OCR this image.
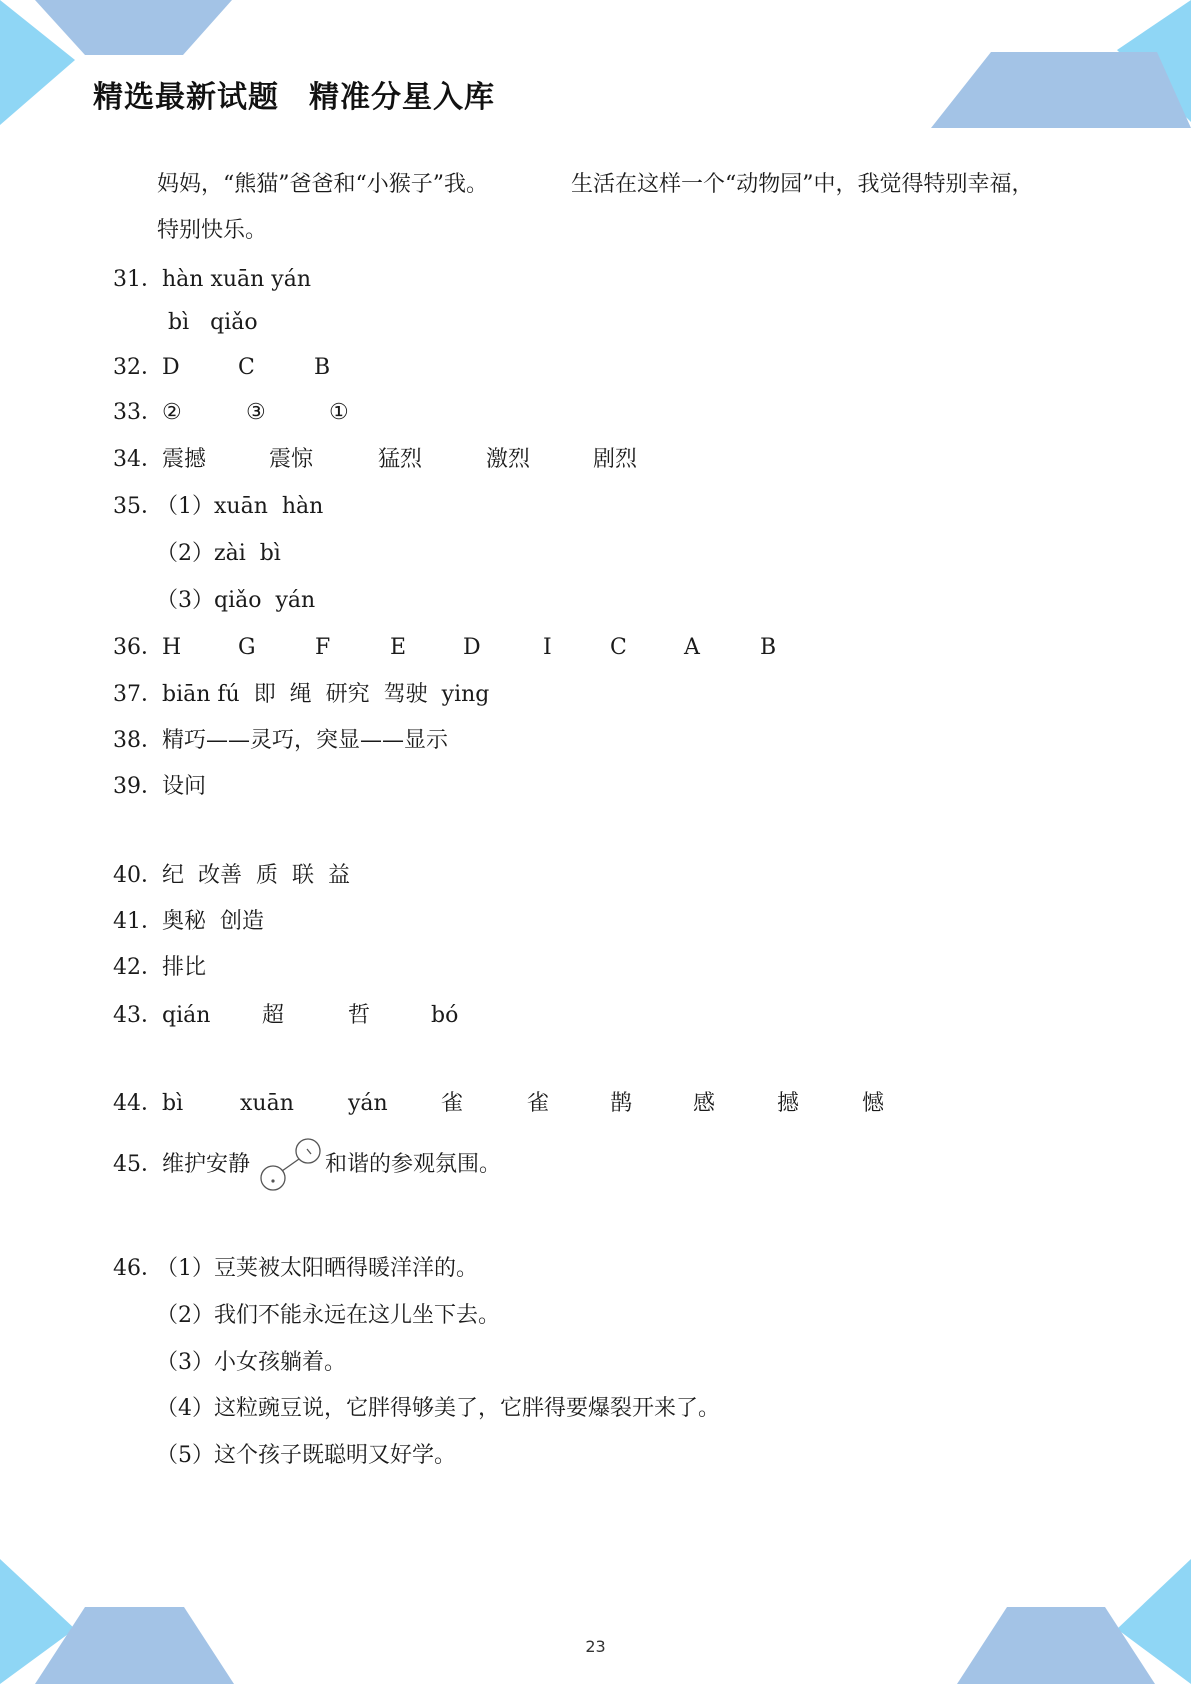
精选最新试题 精准分星入库
妈妈，“熊猫”爸爸和“小猴子”我。	生活在这样一个“动物园”中，我觉得特别幸福，
特别快乐。
31． hàn xuān yán
bì   qiǎo
32． D	C	B
33． ②	③	①
34． 震撼	震惊	猛烈	激烈	剧烈
35．
（1）xuān  hàn
（2）zài  bì
（3）qiǎo  yán
36． H	G	F	E	D	I	C	A	B
37． biān fú  即  绳  研究  驾驶  ying
38． 精巧——灵巧，突显——显示
39． 设问
40． 纪  改善  质  联  益
41． 奥秘  创造
42． 排比
43． qián 超	哲	bó
44． bì	xuān yán 雀	雀	鹊	感	撼	憾
45． 维护安静	和谐的参观氛围。
46．
（1）豆荚被太阳晒得暖洋洋的。
（2）我们不能永远在这儿坐下去。
（3）小女孩躺着。
（4）这粒豌豆说，它胖得够美了，它胖得要爆裂开来了。
（5）这个孩子既聪明又好学。
23
